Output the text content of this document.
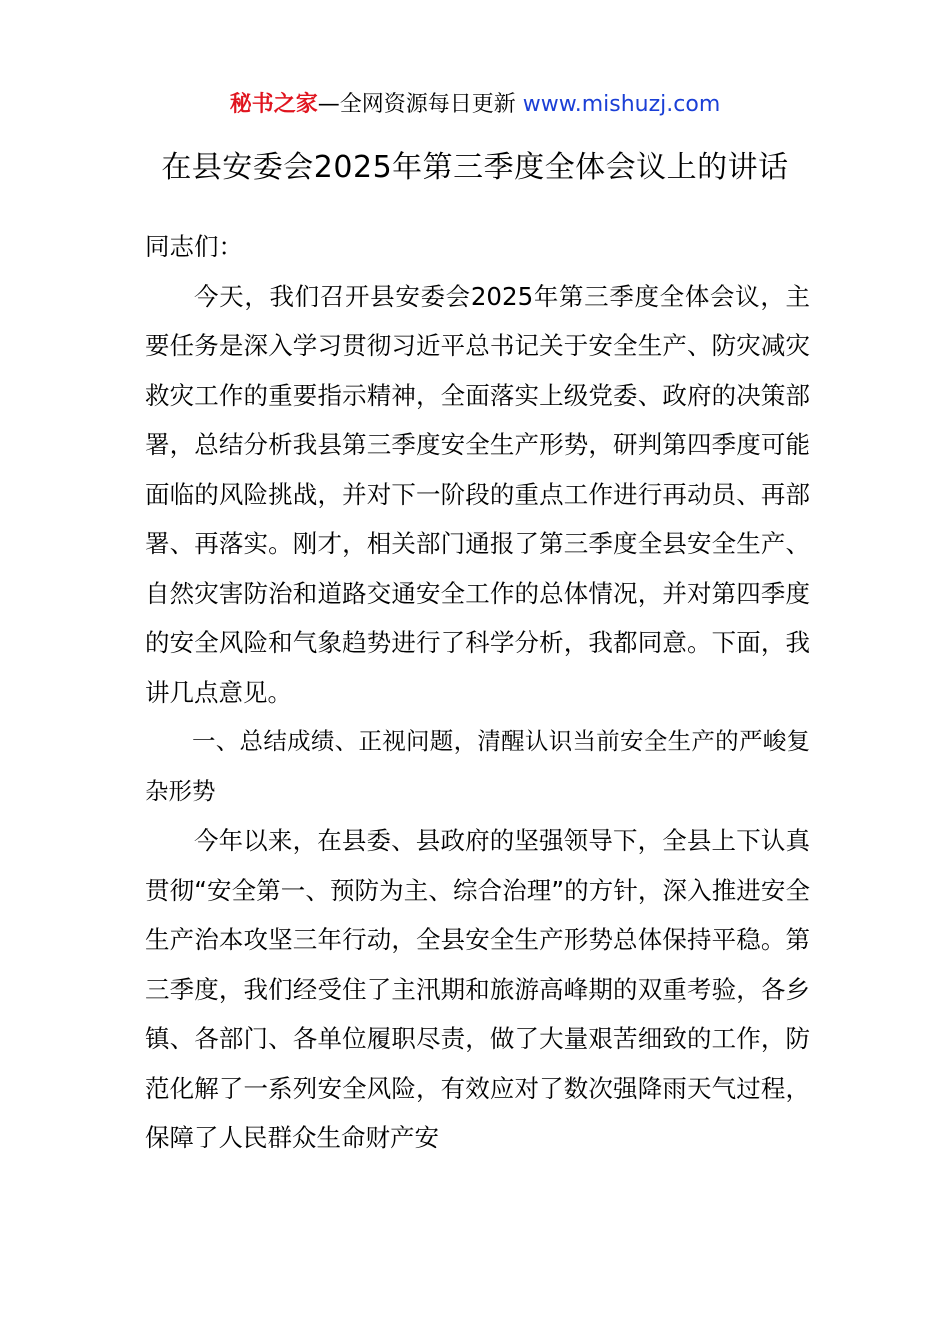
秘书之家—全网资源每日更新 www.mishuzj.com
在县安委会2025年第三季度全体会议上的讲话

同志们：

今天，我们召开县安委会2025年第三季度全体会议，主要任务是深入学习贯彻习近平总书记关于安全生产、防灾减灾救灾工作的重要指示精神，全面落实上级党委、政府的决策部署，总结分析我县第三季度安全生产形势，研判第四季度可能面临的风险挑战，并对下一阶段的重点工作进行再动员、再部署、再落实。刚才，相关部门通报了第三季度全县安全生产、自然灾害防治和道路交通安全工作的总体情况，并对第四季度的安全风险和气象趋势进行了科学分析，我都同意。下面，我讲几点意见。

一、总结成绩、正视问题，清醒认识当前安全生产的严峻复杂形势

今年以来，在县委、县政府的坚强领导下，全县上下认真贯彻“安全第一、预防为主、综合治理”的方针，深入推进安全生产治本攻坚三年行动，全县安全生产形势总体保持平稳。第三季度，我们经受住了主汛期和旅游高峰期的双重考验，各乡镇、各部门、各单位履职尽责，做了大量艰苦细致的工作，防范化解了一系列安全风险，有效应对了数次强降雨天气过程，保障了人民群众生命财产安
